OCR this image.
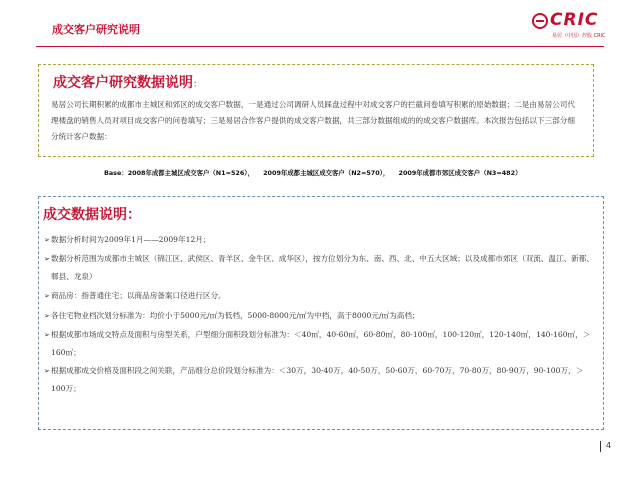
成交客户研究说明	CRIC
易居（中国）控股 CRIC
成交客户研究数据说明：
易居公司长期积累的成都市主城区和郊区的成交客户数据，一是通过公司调研人员踩盘过程中对成交客户的拦截问卷填写积累的原始数据；二是由易居公司代理楼盘的销售人员对项目成交客户的问卷填写；三是易居合作客户提供的成交客户数据，共三部分数据组成的的成交客户数据库。本次报告包括以下三部分细分统计客户数据：
Base：2008年成都主城区成交客户（N1=526）， 2009年成都主城区成交客户（N2=570）， 2009年成都市郊区成交客户（N3=482）
成交数据说明：
➢ 数据分析时间为2009年1月——2009年12月；
➢ 数据分析范围为成都市主城区（锦江区、武侯区、青羊区、金牛区、成华区），按方位划分为东、南、西、北、中五大区域；以及成都市郊区（双流、温江、新都、郫县、龙泉）
➢ 商品房：指普通住宅；以商品房备案口径进行区分。
➢ 各住宅物业档次划分标准为：均价小于5000元/㎡为低档，5000-8000元/㎡为中档，高于8000元/㎡为高档；
➢ 根据成都市场成交特点及面积与房型关系，户型细分面积段划分标准为：＜40㎡，40-60㎡，60-80㎡，80-100㎡，100-120㎡，120-140㎡，140-160㎡，＞160㎡；
➢ 根据成都成交价格及面积段之间关联，产品细分总价段划分标准为：＜30万，30-40万，40-50万，50-60万，60-70万，70-80万，80-90万，90-100万，＞100万；
4
